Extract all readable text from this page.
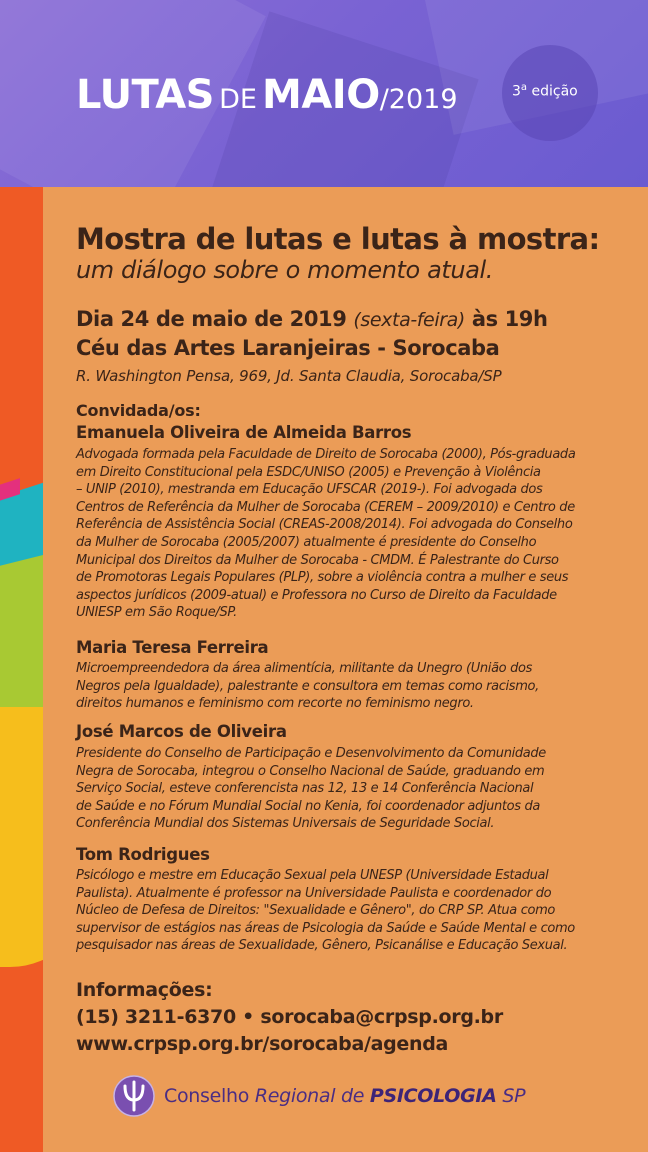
LUTAS DE MAIO/2019	3$^a$ edição
Mostra de lutas e lutas à mostra:
um diálogo sobre o momento atual.
Dia 24 de maio de 2019 (sexta-feira) às 19h
Céu das Artes Laranjeiras - Sorocaba
R. Washington Pensa, 969, Jd. Santa Claudia, Sorocaba/SP
Convidada/os:
Emanuela Oliveira de Almeida Barros
Advogada formada pela Faculdade de Direito de Sorocaba (2000), Pós-graduada
em Direito Constitucional pela ESDC/UNISO (2005) e Prevenção à Violência
– UNIP (2010), mestranda em Educação UFSCAR (2019-). Foi advogada dos
Centros de Referência da Mulher de Sorocaba (CEREM – 2009/2010) e Centro de
Referência de Assistência Social (CREAS-2008/2014). Foi advogada do Conselho
da Mulher de Sorocaba (2005/2007) atualmente é presidente do Conselho
Municipal dos Direitos da Mulher de Sorocaba - CMDM. É Palestrante do Curso
de Promotoras Legais Populares (PLP), sobre a violência contra a mulher e seus
aspectos jurídicos (2009-atual) e Professora no Curso de Direito da Faculdade
UNIESP em São Roque/SP.
Maria Teresa Ferreira
Microempreendedora da área alimentícia, militante da Unegro (União dos
Negros pela Igualdade), palestrante e consultora em temas como racismo,
direitos humanos e feminismo com recorte no feminismo negro.
José Marcos de Oliveira
Presidente do Conselho de Participação e Desenvolvimento da Comunidade
Negra de Sorocaba, integrou o Conselho Nacional de Saúde, graduando em
Serviço Social, esteve conferencista nas 12, 13 e 14 Conferência Nacional
de Saúde e no Fórum Mundial Social no Kenia, foi coordenador adjuntos da
Conferência Mundial dos Sistemas Universais de Seguridade Social.
Tom Rodrigues
Psicólogo e mestre em Educação Sexual pela UNESP (Universidade Estadual
Paulista). Atualmente é professor na Universidade Paulista e coordenador do
Núcleo de Defesa de Direitos: "Sexualidade e Gênero", do CRP SP. Atua como
supervisor de estágios nas áreas de Psicologia da Saúde e Saúde Mental e como
pesquisador nas áreas de Sexualidade, Gênero, Psicanálise e Educação Sexual.
Informações:
(15) 3211-6370 • sorocaba@crpsp.org.br
www.crpsp.org.br/sorocaba/agenda
Conselho Regional de PSICOLOGIA SP
